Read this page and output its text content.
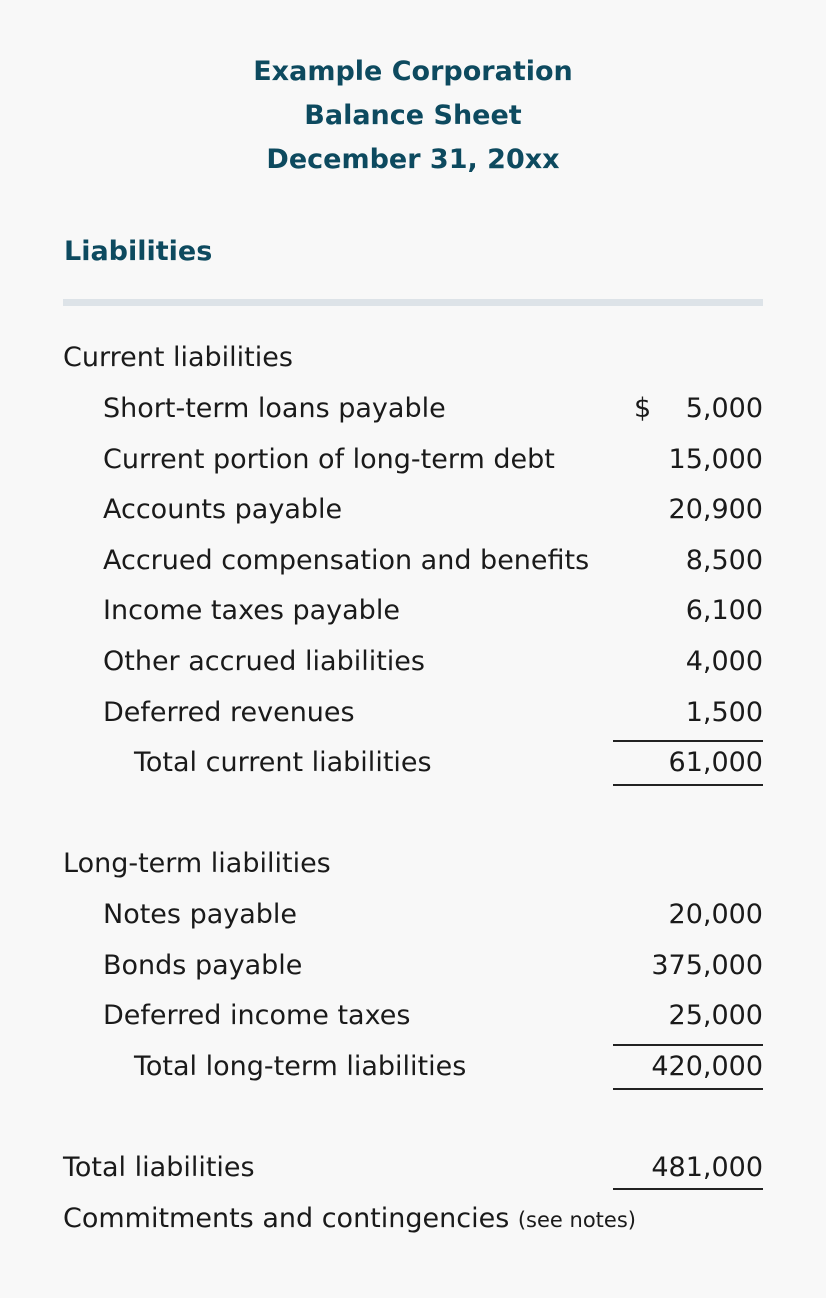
Example Corporation
Balance Sheet
December 31, 20xx
Liabilities
Current liabilities
Short-term loans payable	$ 5,000
Current portion of long-term debt	15,000
Accounts payable	20,900
Accrued compensation and benefits	8,500
Income taxes payable	6,100
Other accrued liabilities	4,000
Deferred revenues	1,500
Total current liabilities	61,000
Long-term liabilities
Notes payable	20,000
Bonds payable	375,000
Deferred income taxes	25,000
Total long-term liabilities	420,000
Total liabilities	481,000
Commitments and contingencies (see notes)
